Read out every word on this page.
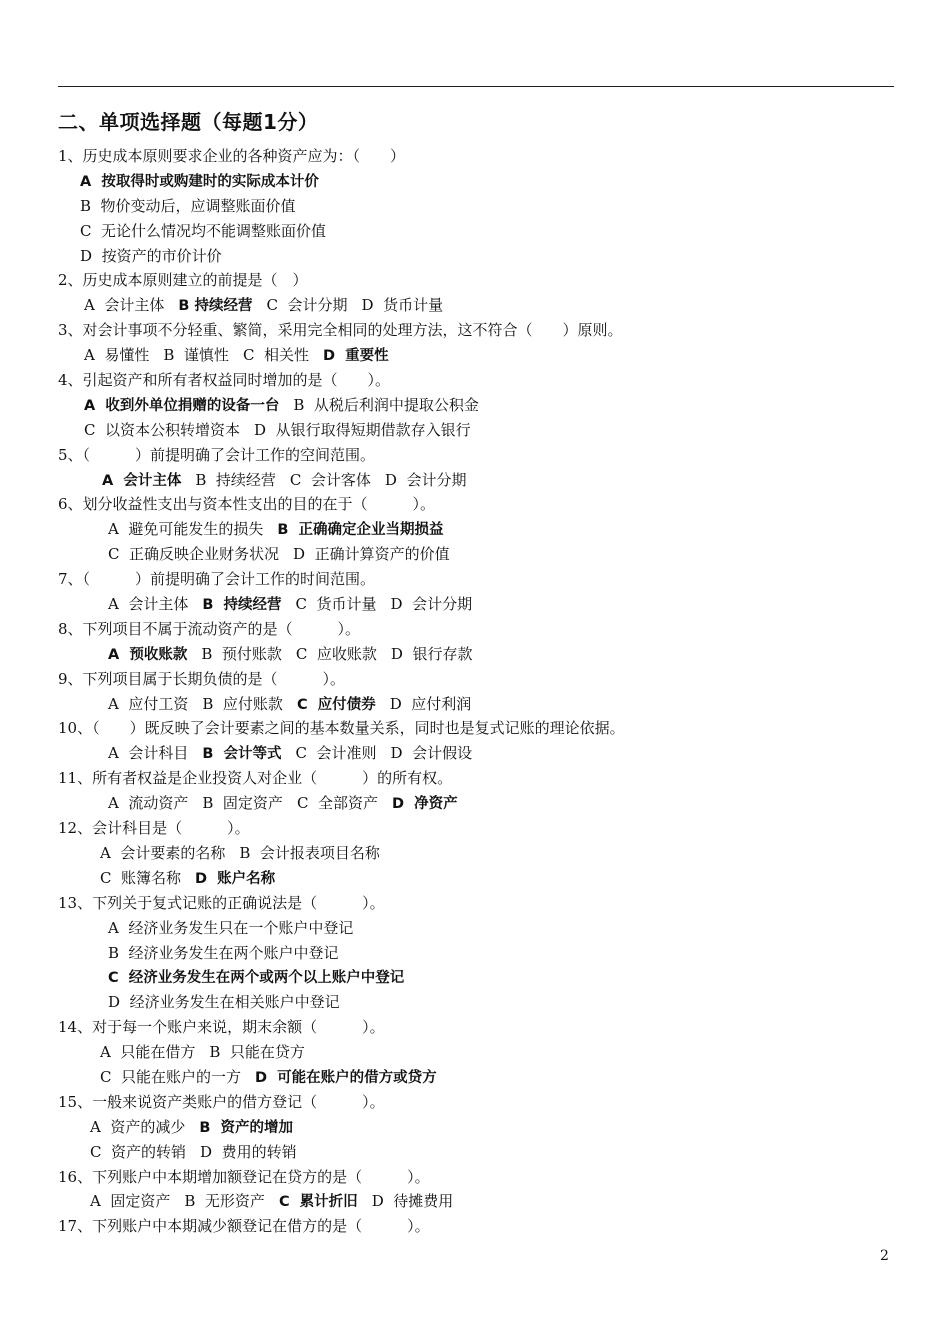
二、单项选择题（每题1分）
1、历史成本原则要求企业的各种资产应为：（　　）
A  按取得时或购建时的实际成本计价
B  物价变动后，应调整账面价值
C  无论什么情况均不能调整账面价值
D  按资产的市价计价
2、历史成本原则建立的前提是（　）
A  会计主体 B 持续经营 C  会计分期 D  货币计量
3、对会计事项不分轻重、繁简，采用完全相同的处理方法，这不符合（　　）原则。
A  易懂性 B  谨慎性 C  相关性 D  重要性
4、引起资产和所有者权益同时增加的是（　　）。
A  收到外单位捐赠的设备一台 B  从税后利润中提取公积金
C  以资本公积转增资本 D  从银行取得短期借款存入银行
5、（　　　）前提明确了会计工作的空间范围。
A  会计主体 B  持续经营 C  会计客体 D  会计分期
6、划分收益性支出与资本性支出的目的在于（　　　）。
A  避免可能发生的损失 B  正确确定企业当期损益
C  正确反映企业财务状况 D  正确计算资产的价值
7、（　　　）前提明确了会计工作的时间范围。
A  会计主体 B  持续经营 C  货币计量 D  会计分期
8、下列项目不属于流动资产的是（　　　）。
A  预收账款 B  预付账款 C  应收账款 D  银行存款
9、下列项目属于长期负债的是（　　　）。
A  应付工资 B  应付账款 C  应付债券 D  应付利润
10、（　　）既反映了会计要素之间的基本数量关系，同时也是复式记账的理论依据。
A  会计科目 B  会计等式 C  会计准则 D  会计假设
11、所有者权益是企业投资人对企业（　　　）的所有权。
A  流动资产 B  固定资产 C  全部资产 D  净资产
12、会计科目是（　　　）。
A  会计要素的名称 B  会计报表项目名称
C  账簿名称 D  账户名称
13、下列关于复式记账的正确说法是（　　　）。
A  经济业务发生只在一个账户中登记
B  经济业务发生在两个账户中登记
C  经济业务发生在两个或两个以上账户中登记
D  经济业务发生在相关账户中登记
14、对于每一个账户来说，期末余额（　　　）。
A  只能在借方 B  只能在贷方
C  只能在账户的一方 D  可能在账户的借方或贷方
15、一般来说资产类账户的借方登记（　　　）。
A  资产的减少 B  资产的增加
C  资产的转销 D  费用的转销
16、下列账户中本期增加额登记在贷方的是（　　　）。
A  固定资产 B  无形资产 C  累计折旧 D  待摊费用
17、下列账户中本期减少额登记在借方的是（　　　）。
2
